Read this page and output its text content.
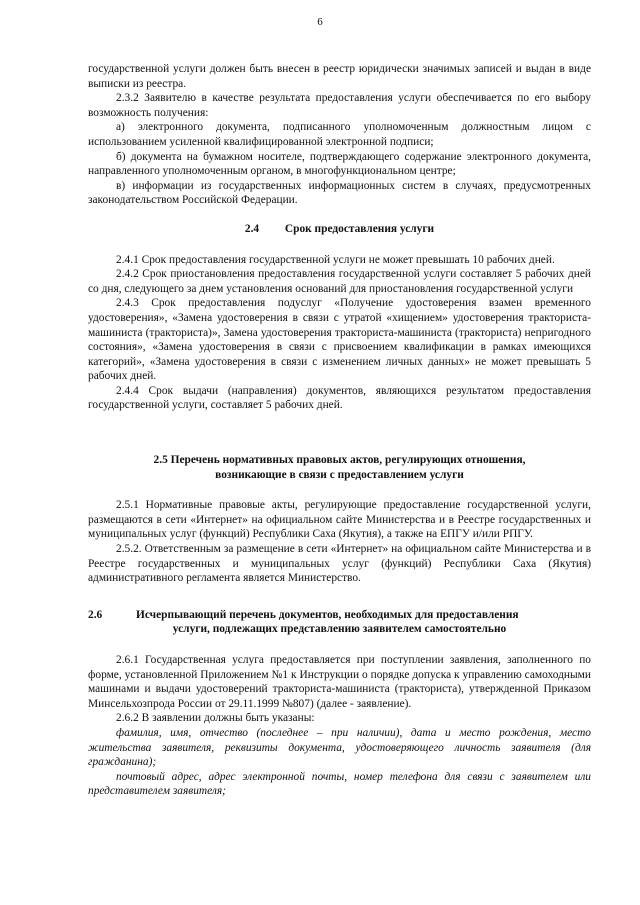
6

государственной услуги должен быть внесен в реестр юридически значимых записей и выдан в виде выписки из реестра.

2.3.2 Заявителю в качестве результата предоставления услуги обеспечивается по его выбору возможность получения:

а) электронного документа, подписанного уполномоченным должностным лицом с использованием усиленной квалифицированной электронной подписи;

б) документа на бумажном носителе, подтверждающего содержание электронного документа, направленного уполномоченным органом, в многофункциональном центре;

в) информации из государственных информационных систем в случаях, предусмотренных законодательством Российской Федерации.

2.4 Срок предоставления услуги

2.4.1 Срок предоставления государственной услуги не может превышать 10 рабочих дней.

2.4.2 Срок приостановления предоставления государственной услуги составляет 5 рабочих дней со дня, следующего за днем установления оснований для приостановления государственной услуги

2.4.3 Срок предоставления подуслуг «Получение удостоверения взамен временного удостоверения», «Замена удостоверения в связи с утратой «хищением» удостоверения тракториста-машиниста (тракториста)», Замена удостоверения тракториста-машиниста (тракториста) непригодного состояния», «Замена удостоверения в связи с присвоением квалификации в рамках имеющихся категорий», «Замена удостоверения в связи с изменением личных данных» не может превышать 5 рабочих дней.

2.4.4 Срок выдачи (направления) документов, являющихся результатом предоставления государственной услуги, составляет 5 рабочих дней.

2.5 Перечень нормативных правовых актов, регулирующих отношения,

возникающие в связи с предоставлением услуги

2.5.1 Нормативные правовые акты, регулирующие предоставление государственной услуги, размещаются в сети «Интернет» на официальном сайте Министерства и в Реестре государственных и муниципальных услуг (функций) Республики Саха (Якутия), а также на ЕПГУ и/или РПГУ.

2.5.2. Ответственным за размещение в сети «Интернет» на официальном сайте Министерства и в Реестре государственных и муниципальных услуг (функций) Республики Саха (Якутия) административного регламента является Министерство.

2.6	Исчерпывающий перечень документов, необходимых для предоставления
услуги, подлежащих представлению заявителем самостоятельно

2.6.1 Государственная услуга предоставляется при поступлении заявления, заполненного по форме, установленной Приложением №1 к Инструкции о порядке допуска к управлению самоходными машинами и выдачи удостоверений тракториста-машиниста (тракториста), утвержденной Приказом Минсельхозпрода России от 29.11.1999 №807) (далее - заявление).

2.6.2 В заявлении должны быть указаны:

фамилия, имя, отчество (последнее – при наличии), дата и место рождения, место жительства заявителя, реквизиты документа, удостоверяющего личность заявителя (для гражданина);

почтовый адрес, адрес электронной почты, номер телефона для связи с заявителем или представителем заявителя;
